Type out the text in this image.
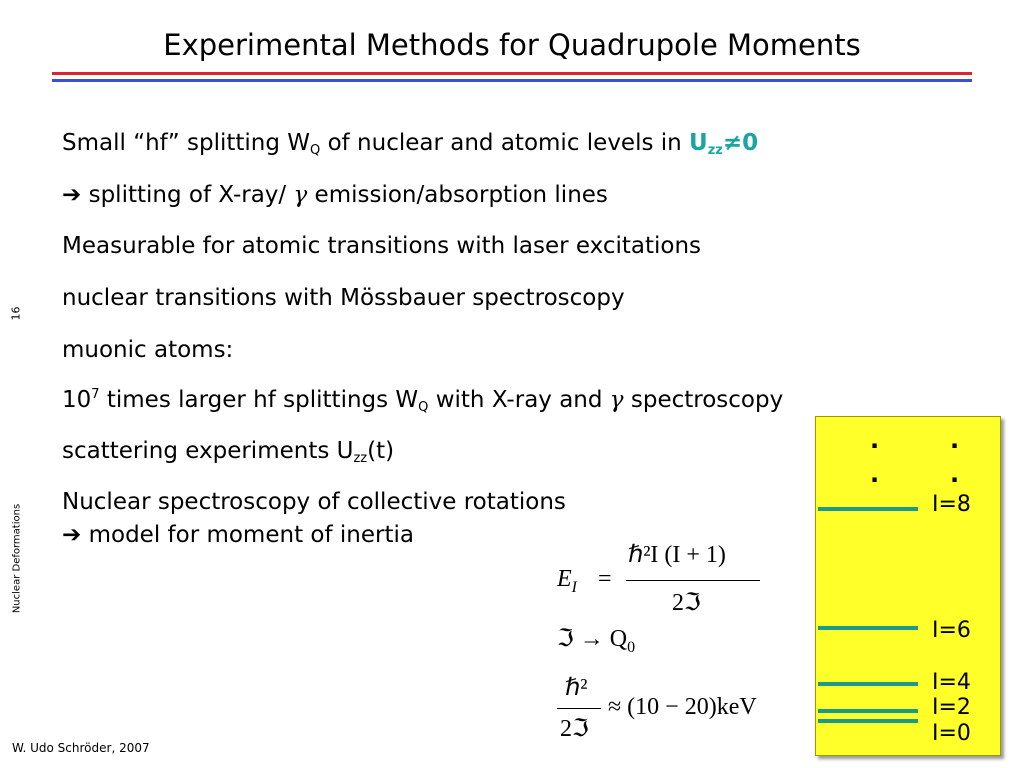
Experimental Methods for Quadrupole Moments
16
Nuclear Deformations
W. Udo Schröder, 2007
Small “hf” splitting $W_Q$ of nuclear and atomic levels in $U_{zz}\ne 0$
➔ splitting of X-ray/ γ emission/absorption lines
Measurable for atomic transitions with laser excitations
nuclear transitions with Mössbauer spectroscopy
muonic atoms:
$10^7$ times larger hf splittings $W_Q$ with X-ray and γ spectroscopy
scattering experiments $U_{zz}(t)$
Nuclear spectroscopy of collective rotations
➔ model for moment of inertia
$E_I$ =
ℏ²I (I + 1)
2ℑ
ℑ → $Q_0$
ℏ²
2ℑ
≈ (10 − 20)keV
·	·
·	·
I=8
I=6
I=4
I=2
I=0
